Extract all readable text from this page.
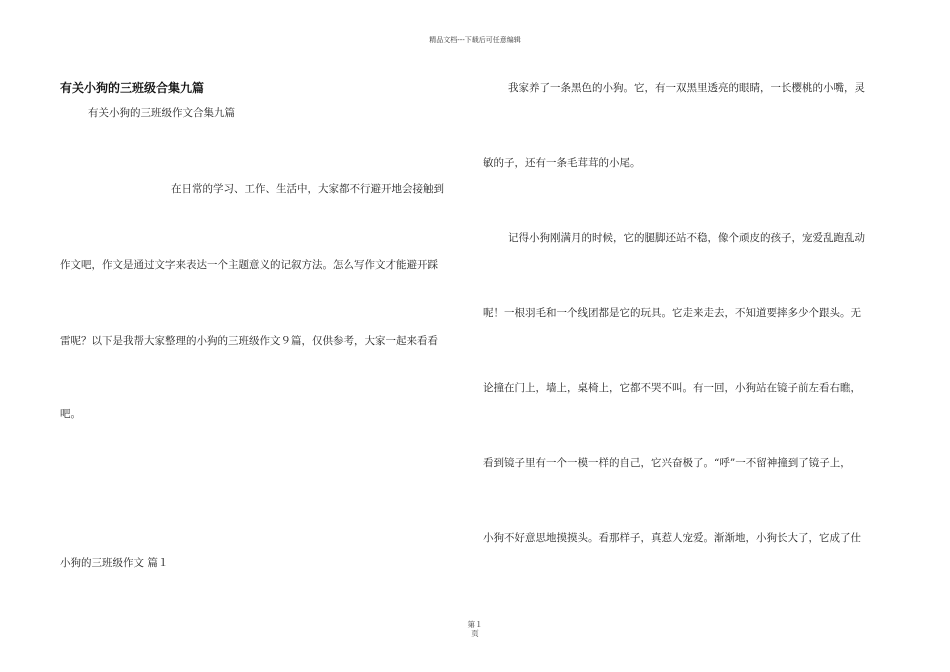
精品文档---下载后可任意编辑
有关小狗的三班级合集九篇
有关小狗的三班级作文合集九篇
在日常的学习、工作、生活中，大家都不行避开地会接触到
作文吧，作文是通过文字来表达一个主题意义的记叙方法。怎么写作文才能避开踩
雷呢？以下是我帮大家整理的小狗的三班级作文９篇，仅供参考，大家一起来看看
吧。
小狗的三班级作文 篇１
我家养了一条黑色的小狗。它，有一双黑里透亮的眼睛，一长樱桃的小嘴，灵
敏的子，还有一条毛茸茸的小尾。
记得小狗刚满月的时候，它的腿脚还站不稳，像个顽皮的孩子，宠爱乱跑乱动
呢！一根羽毛和一个线团都是它的玩具。它走来走去，不知道要摔多少个跟头。无
论撞在门上，墙上，桌椅上，它都不哭不叫。有一回，小狗站在镜子前左看右瞧，
看到镜子里有一个一模一样的自己，它兴奋极了。“呼”一不留神撞到了镜子上，
小狗不好意思地摸摸头。看那样子，真惹人宠爱。渐渐地，小狗长大了，它成了仕
第１
页
